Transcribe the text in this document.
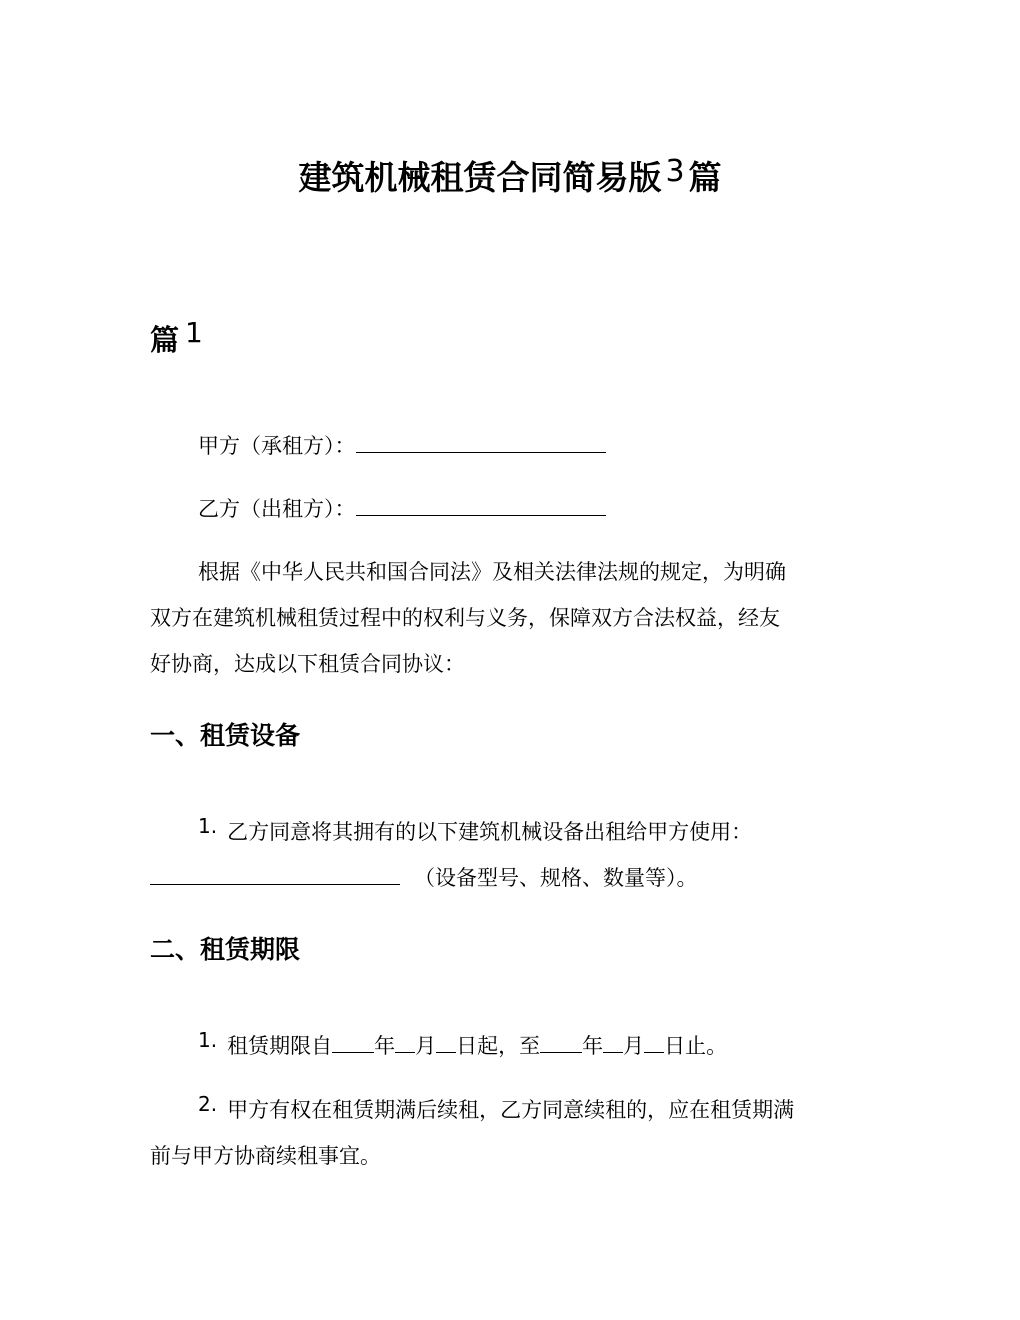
建筑机械租赁合同简易版 3 篇
篇 1
甲方（承租方）：
乙方（出租方）：
根据《中华人民共和国合同法》及相关法律法规的规定，为明确
双方在建筑机械租赁过程中的权利与义务，保障双方合法权益，经友
好协商，达成以下租赁合同协议：
一、租赁设备
1. 乙方同意将其拥有的以下建筑机械设备出租给甲方使用：
（设备型号、规格、数量等）。
二、租赁期限
1. 租赁期限自 年 月 日起，至 年 月 日止。
2. 甲方有权在租赁期满后续租，乙方同意续租的，应在租赁期满
前与甲方协商续租事宜。
